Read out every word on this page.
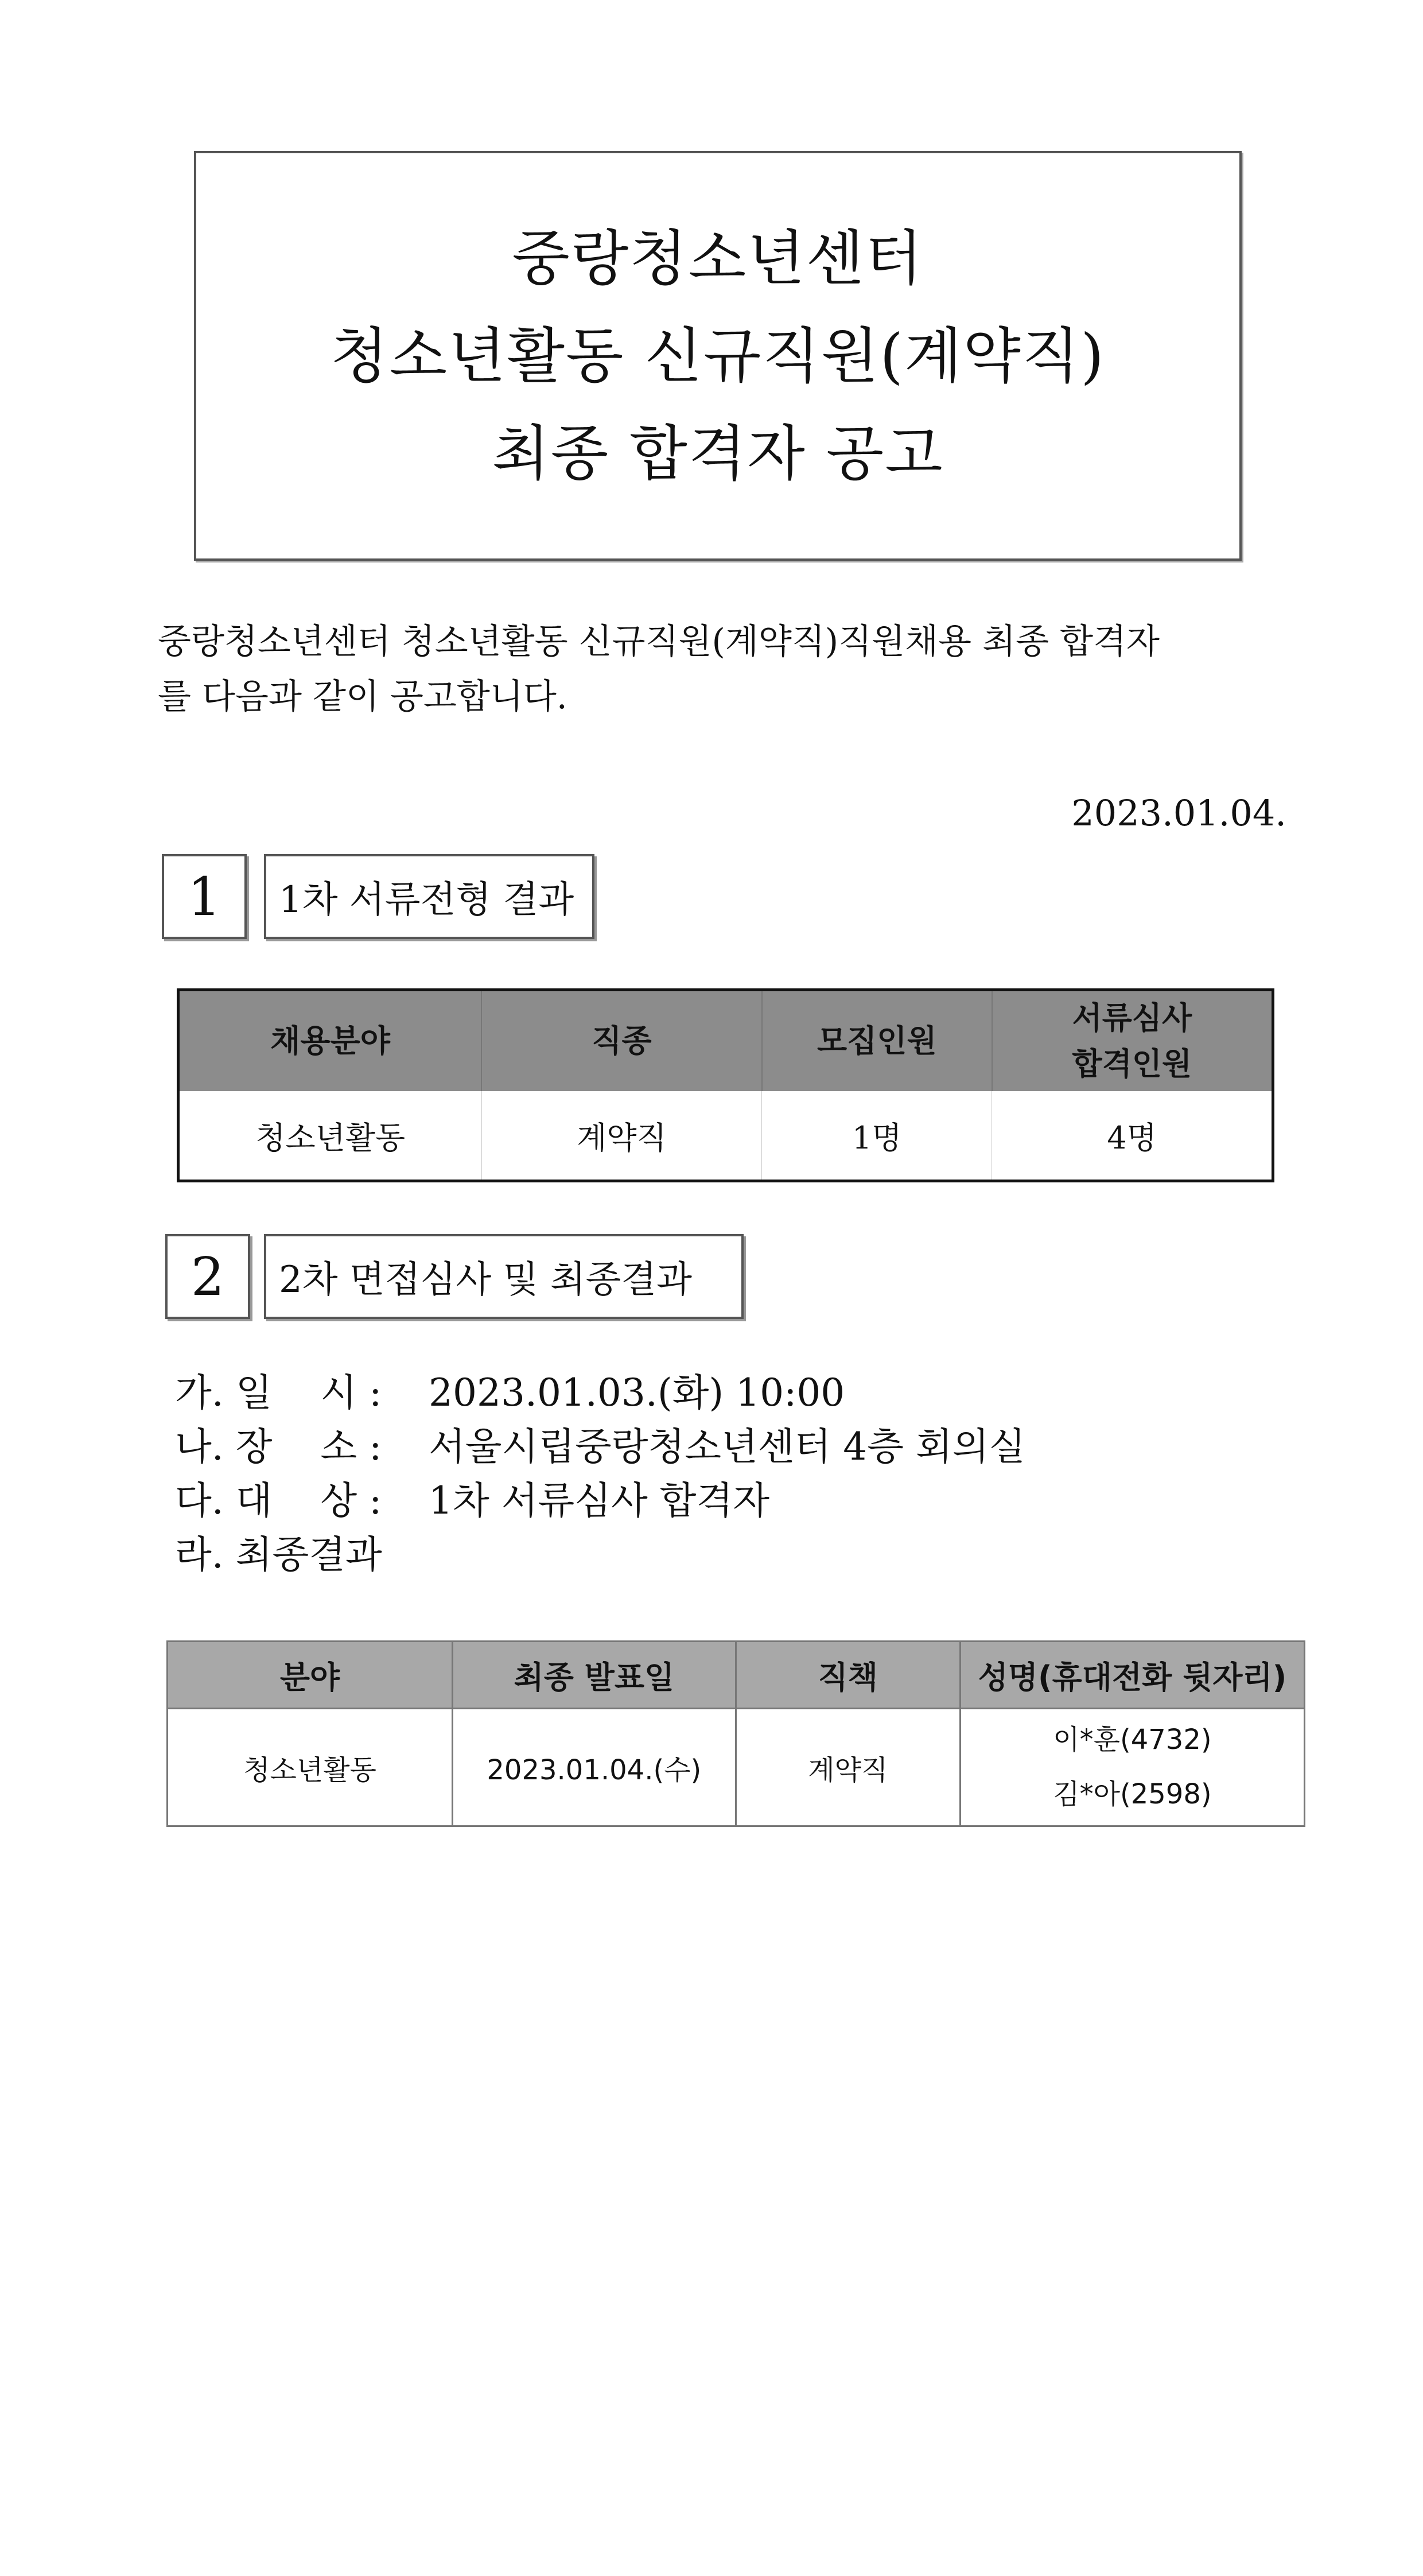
중랑청소년센터
청소년활동 신규직원(계약직)
최종 합격자 공고
중랑청소년센터 청소년활동 신규직원(계약직)직원채용 최종 합격자
를 다음과 같이 공고합니다.
2023.01.04.
1	1차 서류전형 결과
채용분야	직종	모집인원	서류심사
합격인원

청소년활동	계약직	1명	4명
2	2차 면접심사 및 최종결과
가. 일    시 : 2023.01.03.(화) 10:00
나. 장    소 : 서울시립중랑청소년센터 4층 회의실
다. 대    상 : 1차 서류심사 합격자
라. 최종결과
분야	최종 발표일	직책	성명(휴대전화 뒷자리)
청소년활동	2023.01.04.(수)	계약직	이*훈(4732)
김*아(2598)
